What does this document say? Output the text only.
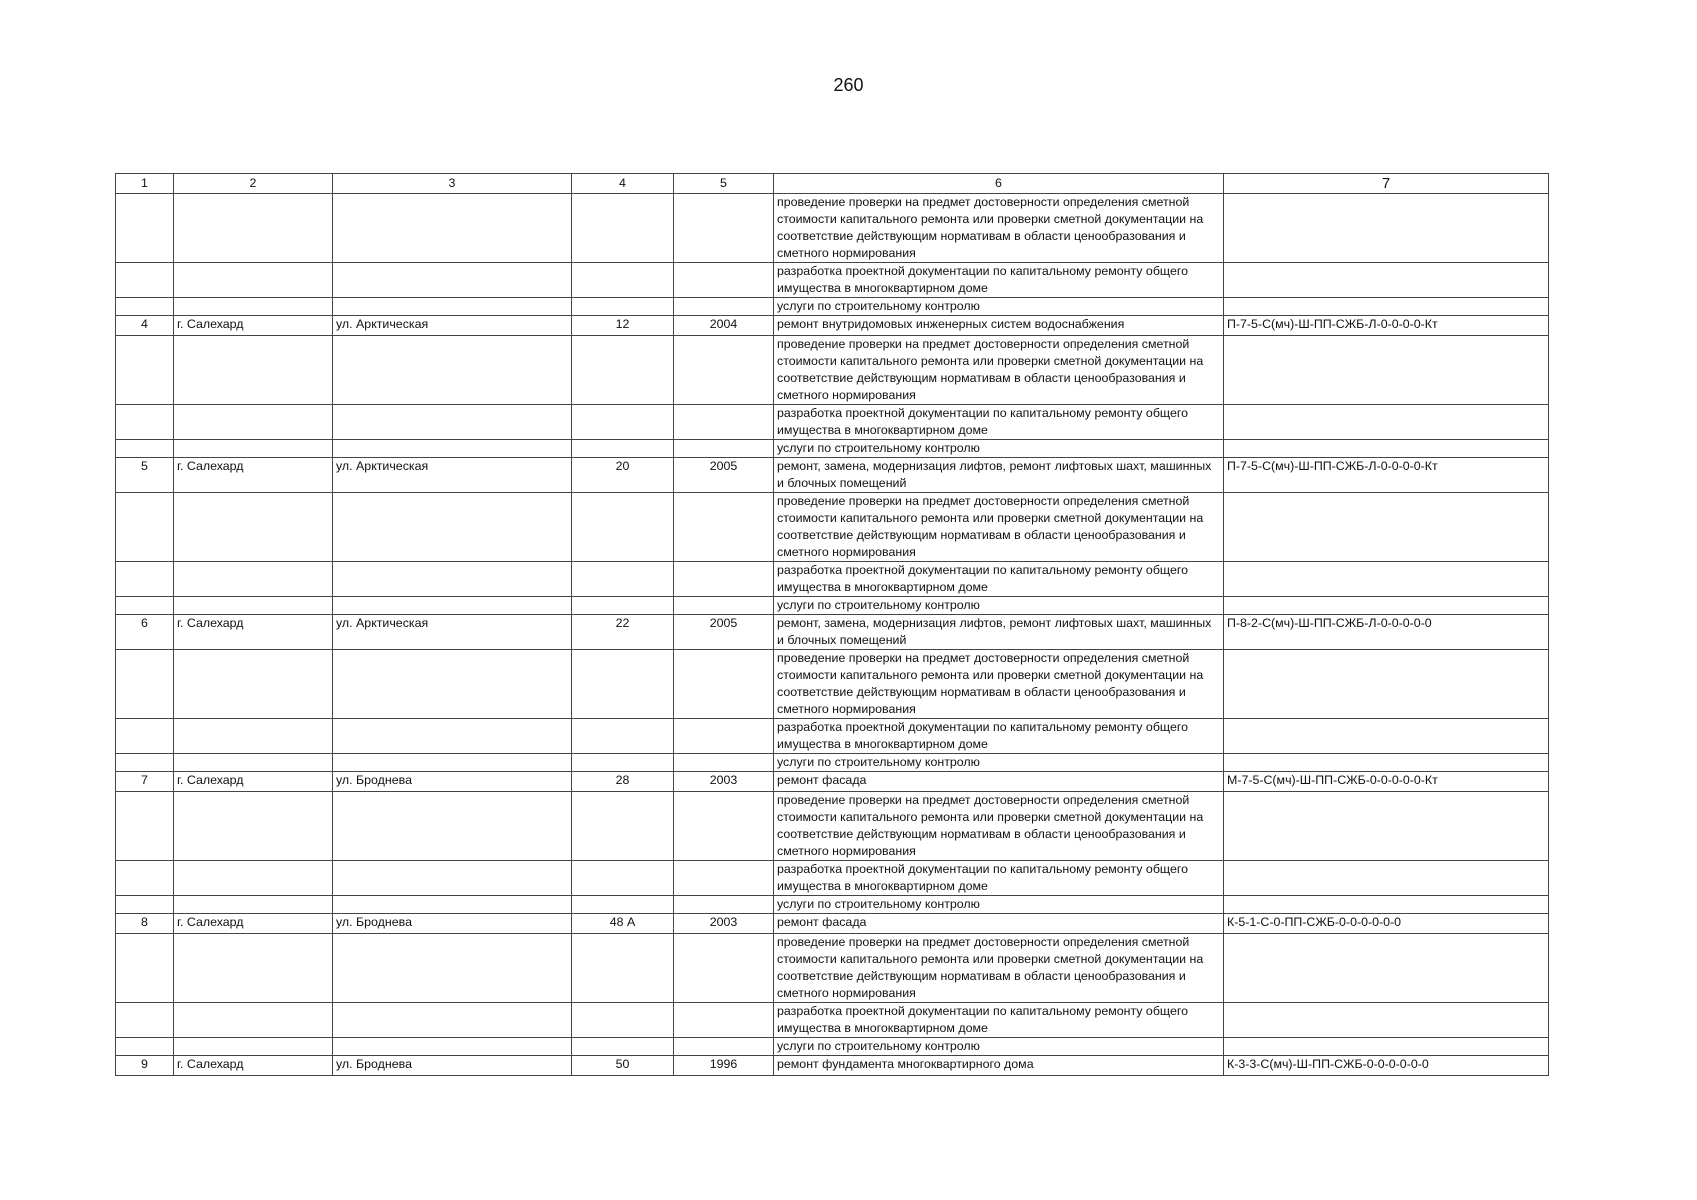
260
1	2	3	4	5	6	7
					проведение проверки на предмет достоверности определения сметной стоимости капитального ремонта или проверки сметной документации на соответствие действующим нормативам в области ценообразования и сметного нормирования	
					разработка проектной документации по капитальному ремонту общего имущества в многоквартирном доме	
					услуги по строительному контролю	
4	г. Салехард	ул. Арктическая	12	2004	ремонт внутридомовых инженерных систем водоснабжения	П-7-5-С(мч)-Ш-ПП-СЖБ-Л-0-0-0-0-Кт
					проведение проверки на предмет достоверности определения сметной стоимости капитального ремонта или проверки сметной документации на соответствие действующим нормативам в области ценообразования и сметного нормирования	
					разработка проектной документации по капитальному ремонту общего имущества в многоквартирном доме	
					услуги по строительному контролю	
5	г. Салехард	ул. Арктическая	20	2005	ремонт, замена, модернизация лифтов, ремонт лифтовых шахт, машинных и блочных помещений	П-7-5-С(мч)-Ш-ПП-СЖБ-Л-0-0-0-0-Кт
					проведение проверки на предмет достоверности определения сметной стоимости капитального ремонта или проверки сметной документации на соответствие действующим нормативам в области ценообразования и сметного нормирования	
					разработка проектной документации по капитальному ремонту общего имущества в многоквартирном доме	
					услуги по строительному контролю	
6	г. Салехард	ул. Арктическая	22	2005	ремонт, замена, модернизация лифтов, ремонт лифтовых шахт, машинных и блочных помещений	П-8-2-С(мч)-Ш-ПП-СЖБ-Л-0-0-0-0-0
					проведение проверки на предмет достоверности определения сметной стоимости капитального ремонта или проверки сметной документации на соответствие действующим нормативам в области ценообразования и сметного нормирования	
					разработка проектной документации по капитальному ремонту общего имущества в многоквартирном доме	
					услуги по строительному контролю	
7	г. Салехард	ул. Броднева	28	2003	ремонт фасада	М-7-5-С(мч)-Ш-ПП-СЖБ-0-0-0-0-0-Кт
					проведение проверки на предмет достоверности определения сметной стоимости капитального ремонта или проверки сметной документации на соответствие действующим нормативам в области ценообразования и сметного нормирования	
					разработка проектной документации по капитальному ремонту общего имущества в многоквартирном доме	
					услуги по строительному контролю	
8	г. Салехард	ул. Броднева	48 А	2003	ремонт фасада	К-5-1-С-0-ПП-СЖБ-0-0-0-0-0-0
					проведение проверки на предмет достоверности определения сметной стоимости капитального ремонта или проверки сметной документации на соответствие действующим нормативам в области ценообразования и сметного нормирования	
					разработка проектной документации по капитальному ремонту общего имущества в многоквартирном доме	
					услуги по строительному контролю	
9	г. Салехард	ул. Броднева	50	1996	ремонт фундамента многоквартирного дома	К-3-3-С(мч)-Ш-ПП-СЖБ-0-0-0-0-0-0
